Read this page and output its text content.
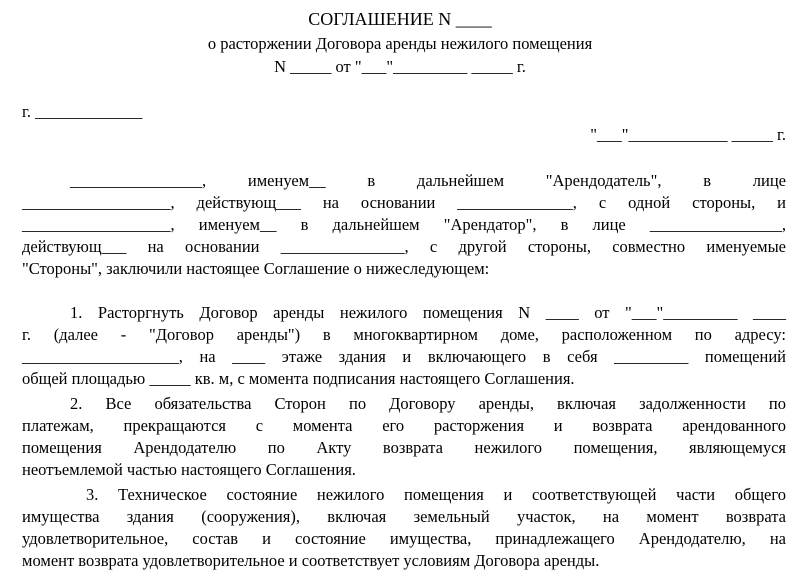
СОГЛАШЕНИЕ N ____

о расторжении Договора аренды нежилого помещения

N _____ от "___"_________ _____ г.

г. _____________

"___"____________ _____ г.

________________, именуем__ в дальнейшем "Арендодатель", в лице

__________________, действующ___ на основании ______________, с одной стороны, и

__________________, именуем__ в дальнейшем "Арендатор", в лице ________________,

действующ___ на основании _______________, с другой стороны, совместно именуемые

"Стороны", заключили настоящее Соглашение о нижеследующем:

1. Расторгнуть Договор аренды нежилого помещения N ____ от "___"_________ ____

г. (далее - "Договор аренды") в многоквартирном доме, расположенном по адресу:

___________________, на ____ этаже здания и включающего в себя _________ помещений

общей площадью _____ кв. м, с момента подписания настоящего Соглашения.

2. Все обязательства Сторон по Договору аренды, включая задолженности по

платежам, прекращаются с момента его расторжения и возврата арендованного

помещения Арендодателю по Акту возврата нежилого помещения, являющемуся

неотъемлемой частью настоящего Соглашения.

3. Техническое состояние нежилого помещения и соответствующей части общего

имущества здания (сооружения), включая земельный участок, на момент возврата

удовлетворительное, состав и состояние имущества, принадлежащего Арендодателю, на

момент возврата удовлетворительное и соответствует условиям Договора аренды.
